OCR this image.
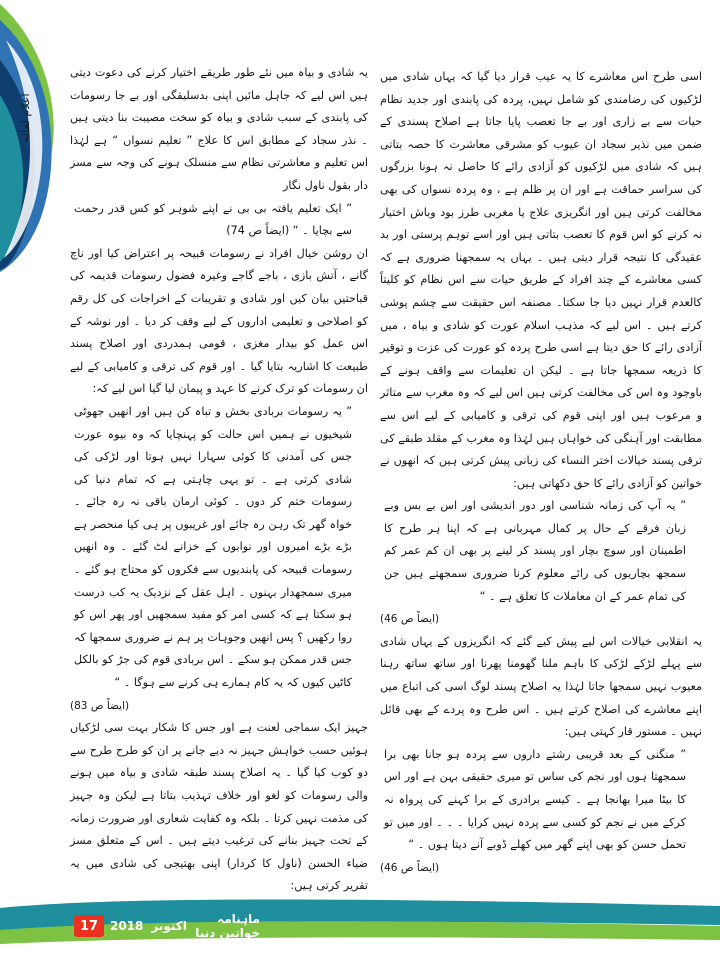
اعلام لمانہ

اسی طرح اس معاشرے کا یہ عیب قرار دیا گیا کہ یہاں شادی میں لڑکیوں کی رضامندی کو شامل نہیں، پردہ کی پابندی اور جدید نظام حیات سے بے زاری اور بے جا تعصب پایا جاتا ہے اصلاح پسندی کے ضمن میں نذیر سجاد ان عیوب کو مشرقی معاشرت کا حصہ بتاتی ہیں کہ شادی میں لڑکیوں کو آزادی رائے کا حاصل نہ ہونا بزرگوں کی سراسر حماقت ہے اور ان پر ظلم ہے ، وہ پردہ نسواں کی بھی مخالفت کرتی ہیں اور انگریزی علاج یا مغربی طرز بود وباش اختیار نہ کرنے کو اس قوم کا تعصب بتاتی ہیں اور اسے توہم پرستی اور بد عقیدگی کا نتیجہ قرار دیتی ہیں ۔ یہاں یہ سمجھنا ضروری ہے کہ کسی معاشرے کے چند افراد کے طریق حیات سے اس نظام کو کلیتاً کالعدم قرار نہیں دیا جا سکتا۔ مصنفہ اس حقیقت سے چشم پوشی کرتے ہیں ۔ اس لیے کہ مذہب اسلام عورت کو شادی و بیاہ ، میں آزادی رائے کا حق دیتا ہے اسی طرح پردہ کو عورت کی عزت و توقیر کا ذریعہ سمجھا جاتا ہے ۔ لیکن ان تعلیمات سے واقف ہونے کے باوجود وہ اس کی مخالفت کرتی ہیں اس لیے کہ وہ مغرب سے متاثر و مرعوب ہیں اور اپنی قوم کی ترقی و کامیابی کے لیے اس سے مطابقت اور آہنگی کی خواہاں ہیں لہٰذا وہ مغرب کے مقلد طبقے کی ترقی پسند خیالات اختر النساء کی زبانی پیش کرتی ہیں کہ انھوں نے خواتین کو آزادی رائے کا حق دکھاتی ہیں:

” یہ آپ کی زمانہ شناسی اور دور اندیشی اور اس بے بس وبے زبان فرقے کے حال پر کمال مہربانی ہے کہ اپنا ہر طرح کا اطمینان اور سوچ بچار اور پسند کر لینے پر بھی ان کم عمر کم سمجھ بچاریوں کی رائے معلوم کرنا ضروری سمجھتے ہیں جن کی تمام عمر کے ان معاملات کا تعلق ہے ۔ “

(ایضاً ص 46)

یہ انقلابی خیالات اس لیے پیش کیے گئے کہ انگریزوں کے یہاں شادی سے پہلے لڑکے لڑکی کا باہم ملنا گھومنا پھرنا اور ساتھ ساتھ رہنا معیوب نہیں سمجھا جاتا لہٰذا یہ اصلاح پسند لوگ اسی کی اتباع میں اپنے معاشرے کی اصلاح کرتے ہیں ۔ اس طرح وہ پردے کے بھی قائل نہیں ۔ مستور قار کہتی ہیں:

” منگنی کے بعد قریبی رشتے داروں سے پردہ ہو جانا بھی برا سمجھتا ہوں اور نجم کی ساس تو میری حقیقی بہن ہے اور اس کا بیٹا میرا بھانجا ہے ۔ کیسے برادری کے برا کہنے کی پرواہ نہ کرکے میں نے نجم کو کسی سے پردہ نہیں کرایا ۔ ۔ ۔ اور میں تو تحمل حسن کو بھی اپنے گھر میں کھلے ڈوبے آنے دیتا ہوں ۔ “

(ایضاً ص 46)

یہ شادی و بیاہ میں نئے طور طریقے اختیار کرنے کی دعوت دیتی ہیں اس لیے کہ جاہل مائیں اپنی بدسلیقگی اور بے جا رسومات کی پابندی کے سبب شادی و بیاہ کو سخت مصیبت بنا دیتی ہیں ۔ نذر سجاد کے مطابق اس کا علاج ” تعلیم نسواں “ ہے لہٰذا اس تعلیم و معاشرتی نظام سے منسلک ہونے کی وجہ سے مسز دار بقول ناول نگار

” ایک تعلیم یافتہ بی بی نے اپنے شوہر کو کس قدر رحمت سے بچایا ۔ “ (ایضاً ص 74)

ان روشن خیال افراد نے رسومات قبیحہ پر اعتراض کیا اور ناچ گانے ، آتش بازی ، باجے گاجے وغیرہ فضول رسومات قدیمہ کی قباحتیں بیان کیں اور شادی و تقریبات کے اخراجات کی کل رقم کو اصلاحی و تعلیمی اداروں کے لیے وقف کر دیا ۔ اور نوشہ کے اس عمل کو بیدار مغزی ، قومی ہمدردی اور اصلاح پسند طبیعت کا اشاریہ بتایا گیا ۔ اور قوم کی ترقی و کامیابی کے لیے ان رسومات کو ترک کرنے کا عہد و پیمان لیا گیا اس لیے کہ:

” یہ رسومات بربادی بخش و تباہ کن ہیں اور انھیں جھوٹی شیخیوں نے ہمیں اس حالت کو پہنچایا کہ وہ بیوہ عورت جس کی آمدنی کا کوئی سہارا نہیں ہوتا اور لڑکی کی شادی کرتی ہے ۔ تو یہی چاہتی ہے کہ تمام دنیا کی رسومات ختم کر دوں ۔ کوئی ارمان باقی نہ رہ جائے ۔ خواہ گھر تک رہن رہ جائے اور غریبوں پر ہی کیا منحصر ہے بڑے بڑے امیروں اور نوابوں کے خزانے لٹ گئے ۔ وہ انھیں رسومات قبیحہ کی پابندیوں سے فکروں کو محتاج ہو گئے ۔ میری سمجھدار بہنوں ۔ اہل عقل کے نزدیک یہ کب درست ہو سکتا ہے کہ کسی امر کو مفید سمجھیں اور پھر اس کو روا رکھیں ؟ پس انھیں وجوہات پر ہم نے ضروری سمجھا کہ جس قدر ممکن ہو سکے ۔ اس بربادی قوم کی جڑ کو بالکل کاٹیں کیوں کہ یہ کام ہمارے ہی کرنے سے ہوگا ۔ “

(ایضاً ص 83)

جہیز ایک سماجی لعنت ہے اور جس کا شکار بہت سی لڑکیاں ہوئیں حسب خواہش جہیز نہ دیے جانے پر ان کو طرح طرح سے دو کوب کیا گیا ۔ یہ اصلاح پسند طبقہ شادی و بیاہ میں ہونے والی رسومات کو لغو اور خلاف تہذیب بتاتا ہے لیکن وہ جہیز کی مذمت نہیں کرتا ۔ بلکہ وہ کفایت شعاری اور ضرورت زمانہ کے تحت جہیز بنانے کی ترغیب دیتے ہیں ۔ اس کے متعلق مسز ضیاء الحسن (ناول کا کردار) اپنی بھتیجی کی شادی میں یہ تقریر کرتی ہیں:

ماہنامہ خواتین دنیا
اکتوبر
2018
17
